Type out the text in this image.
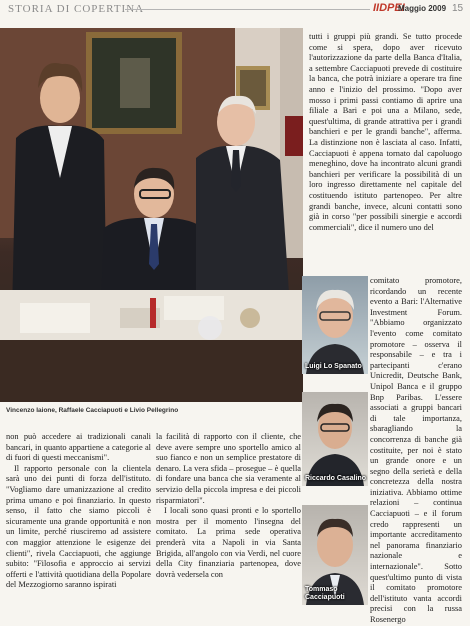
STORIA DI COPERTINA	IIDPEI
Maggio 2009 15
Vincenzo Iaione, Raffaele Cacciapuoti e Livio Pellegrino

non può accedere ai tradizionali canali bancari, in quanto appartiene a categorie al di fuori di questi meccanismi".

Il rapporto personale con la clientela sarà uno dei punti di forza dell'istituto. "Vogliamo dare umanizzazione al credito prima umano e poi finanziario. In questo senso, il fatto che siamo piccoli è sicuramente una grande opportunità e non un limite, perché riusciremo ad assistere con maggior attenzione le esigenze dei clienti", rivela Cacciapuoti, che aggiunge subito: "Filosofia e approccio ai servizi offerti e l'attività quotidiana della Popolare del Mezzogiorno saranno ispirati

la facilità di rapporto con il cliente, che deve avere sempre uno sportello amico al suo fianco e non un semplice prestatore di denaro. La vera sfida – prosegue – è quella di fondare una banca che sia veramente al servizio della piccola impresa e dei piccoli risparmiatori".

I locali sono quasi pronti e lo sportello mostra per il momento l'insegna del comitato. La prima sede operativa prenderà vita a Napoli in via Santa Brigida, all'angolo con via Verdi, nel cuore della City finanziaria partenopea, dove dovrà vedersela con

tutti i gruppi più grandi. Se tutto procede come si spera, dopo aver ricevuto l'autorizzazione da parte della Banca d'Italia, a settembre Cacciapuoti prevede di costituire la banca, che potrà iniziare a operare tra fine anno e l'inizio del prossimo. "Dopo aver mosso i primi passi contiamo di aprire una filiale a Bari e poi una a Milano, sede, quest'ultima, di grande attrattiva per i grandi banchieri e per le grandi banche", afferma. La distinzione non è lasciata al caso. Infatti, Cacciapuoti è appena tornato dal capoluogo meneghino, dove ha incontrato alcuni grandi banchieri per verificare la possibilità di un loro ingresso direttamente nel capitale del costituendo istituto partenopeo. Per altre grandi banche, invece, alcuni contatti sono già in corso "per possibili sinergie e accordi commerciali", dice il numero uno del

comitato promotore, ricordando un recente evento a Bari: l'Alternative Investment Forum. "Abbiamo organizzato l'evento come comitato promotore – osserva il responsabile – e tra i partecipanti c'erano Unicredit, Deutsche Bank, Unipol Banca e il gruppo Bnp Paribas. L'essere associati a gruppi bancari di tale importanza, sbaragliando la concorrenza di banche già costituite, per noi è stato un grande onore e un segno della serietà e della concretezza della nostra iniziativa. Abbiamo ottime relazioni – continua Cacciapuoti – e il forum credo rappresenti un importante accreditamento nel panorama finanziario nazionale e internazionale". Sotto quest'ultimo punto di vista il comitato promotore dell'istituto vanta accordi precisi con la russa Rosenergo

Luigi Lo Spanato
Riccardo Casalino
Tommaso Cacciapuoti
